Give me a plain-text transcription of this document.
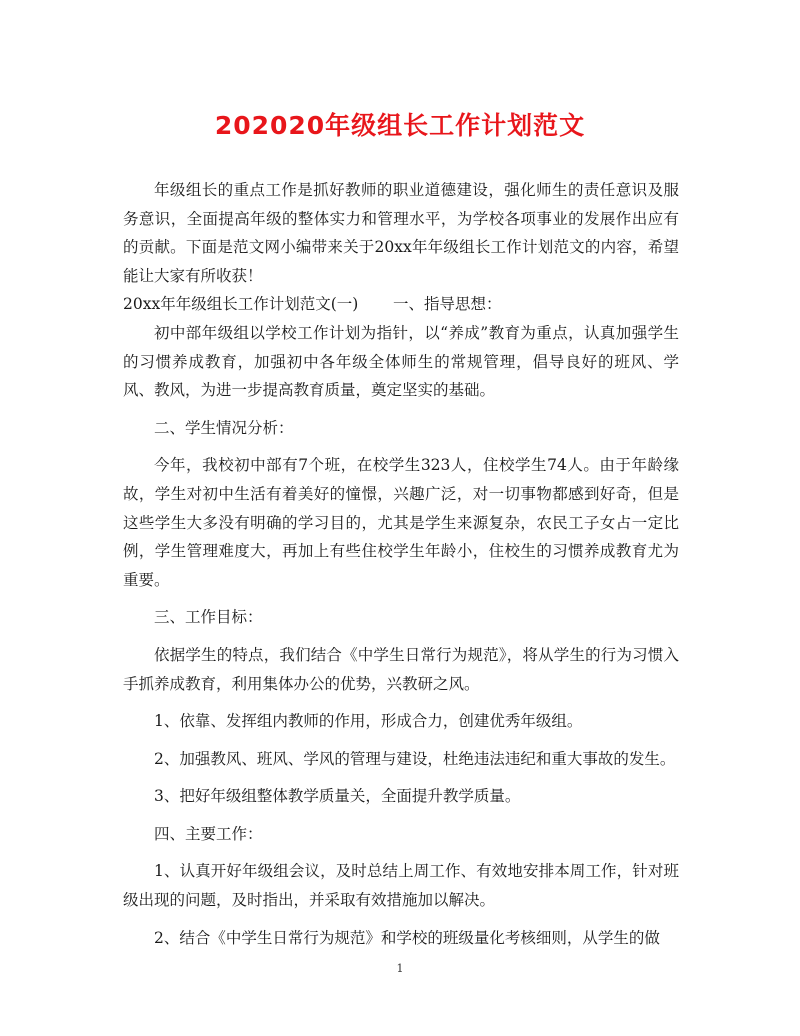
202020年级组长工作计划范文

年级组长的重点工作是抓好教师的职业道德建设，强化师生的责任意识及服务意识，全面提高年级的整体实力和管理水平，为学校各项事业的发展作出应有的贡献。下面是范文网小编带来关于20xx年年级组长工作计划范文的内容，希望能让大家有所收获！

20xx年年级组长工作计划范文(一)	一、指导思想：

初中部年级组以学校工作计划为指针，以“养成”教育为重点，认真加强学生的习惯养成教育，加强初中各年级全体师生的常规管理，倡导良好的班风、学风、教风，为进一步提高教育质量，奠定坚实的基础。

二、学生情况分析：

今年，我校初中部有7个班，在校学生323人，住校学生74人。由于年龄缘故，学生对初中生活有着美好的憧憬，兴趣广泛，对一切事物都感到好奇，但是这些学生大多没有明确的学习目的，尤其是学生来源复杂，农民工子女占一定比例，学生管理难度大，再加上有些住校学生年龄小，住校生的习惯养成教育尤为重要。

三、工作目标：

依据学生的特点，我们结合《中学生日常行为规范》，将从学生的行为习惯入手抓养成教育，利用集体办公的优势，兴教研之风。

1、依靠、发挥组内教师的作用，形成合力，创建优秀年级组。

2、加强教风、班风、学风的管理与建设，杜绝违法违纪和重大事故的发生。

3、把好年级组整体教学质量关，全面提升教学质量。

四、主要工作：

1、认真开好年级组会议，及时总结上周工作、有效地安排本周工作，针对班级出现的问题，及时指出，并采取有效措施加以解决。

2、结合《中学生日常行为规范》和学校的班级量化考核细则，从学生的做

1
